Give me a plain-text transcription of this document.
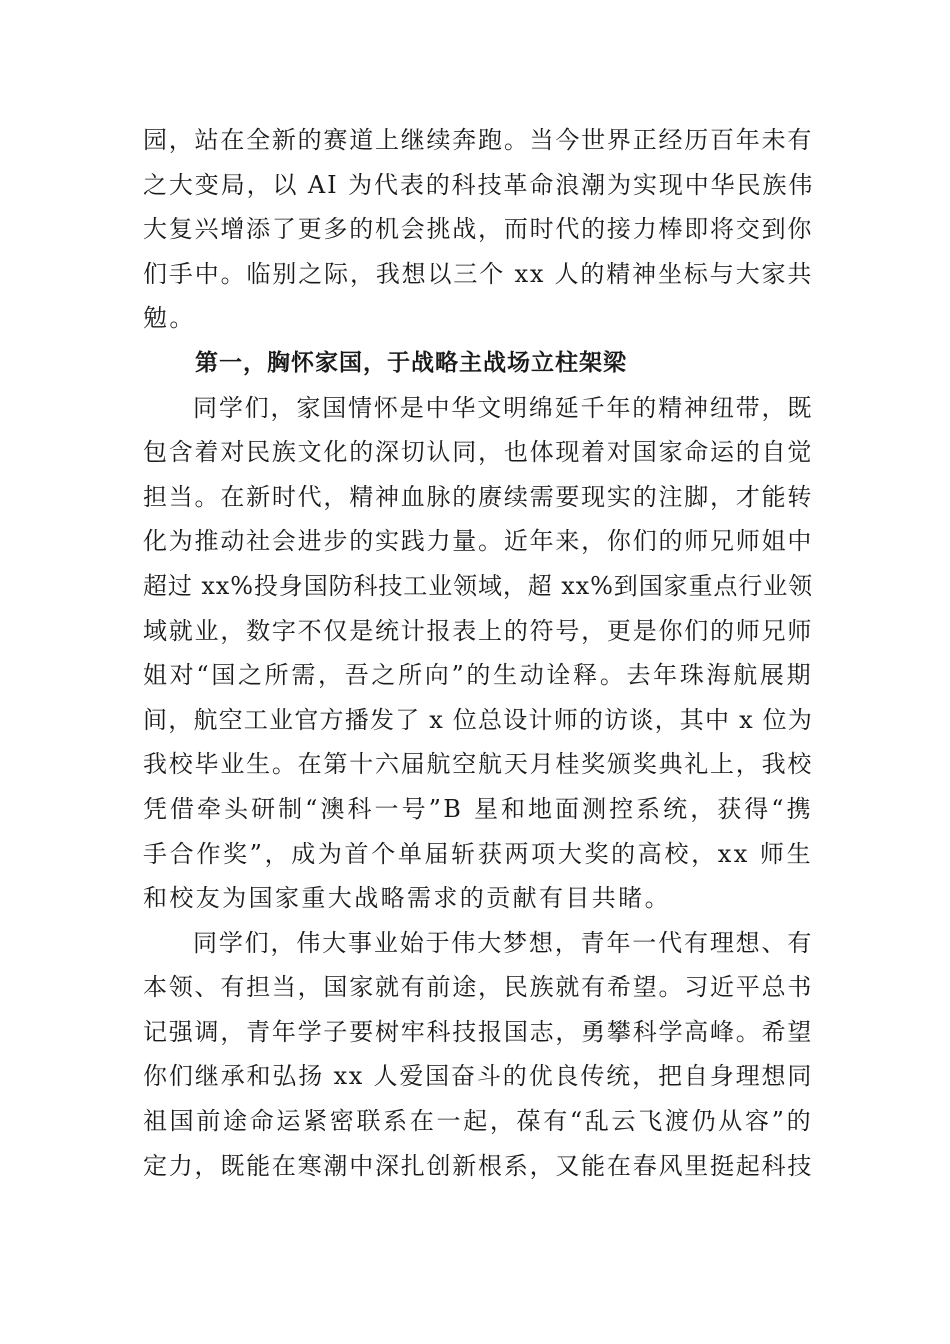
园，站在全新的赛道上继续奔跑。当今世界正经历百年未有
之大变局，以 AI 为代表的科技革命浪潮为实现中华民族伟
大复兴增添了更多的机会挑战，而时代的接力棒即将交到你
们手中。临别之际，我想以三个 xx 人的精神坐标与大家共
勉。
第一，胸怀家国，于战略主战场立柱架梁
同学们，家国情怀是中华文明绵延千年的精神纽带，既
包含着对民族文化的深切认同，也体现着对国家命运的自觉
担当。在新时代，精神血脉的赓续需要现实的注脚，才能转
化为推动社会进步的实践力量。近年来，你们的师兄师姐中
超过 xx%投身国防科技工业领域，超 xx%到国家重点行业领
域就业，数字不仅是统计报表上的符号，更是你们的师兄师
姐对“国之所需，吾之所向”的生动诠释。去年珠海航展期
间，航空工业官方播发了 x 位总设计师的访谈，其中 x 位为
我校毕业生。在第十六届航空航天月桂奖颁奖典礼上，我校
凭借牵头研制“澳科一号”B 星和地面测控系统，获得“携
手合作奖”，成为首个单届斩获两项大奖的高校，xx 师生
和校友为国家重大战略需求的贡献有目共睹。
同学们，伟大事业始于伟大梦想，青年一代有理想、有
本领、有担当，国家就有前途，民族就有希望。习近平总书
记强调，青年学子要树牢科技报国志，勇攀科学高峰。希望
你们继承和弘扬 xx 人爱国奋斗的优良传统，把自身理想同
祖国前途命运紧密联系在一起，葆有“乱云飞渡仍从容”的
定力，既能在寒潮中深扎创新根系，又能在春风里挺起科技
